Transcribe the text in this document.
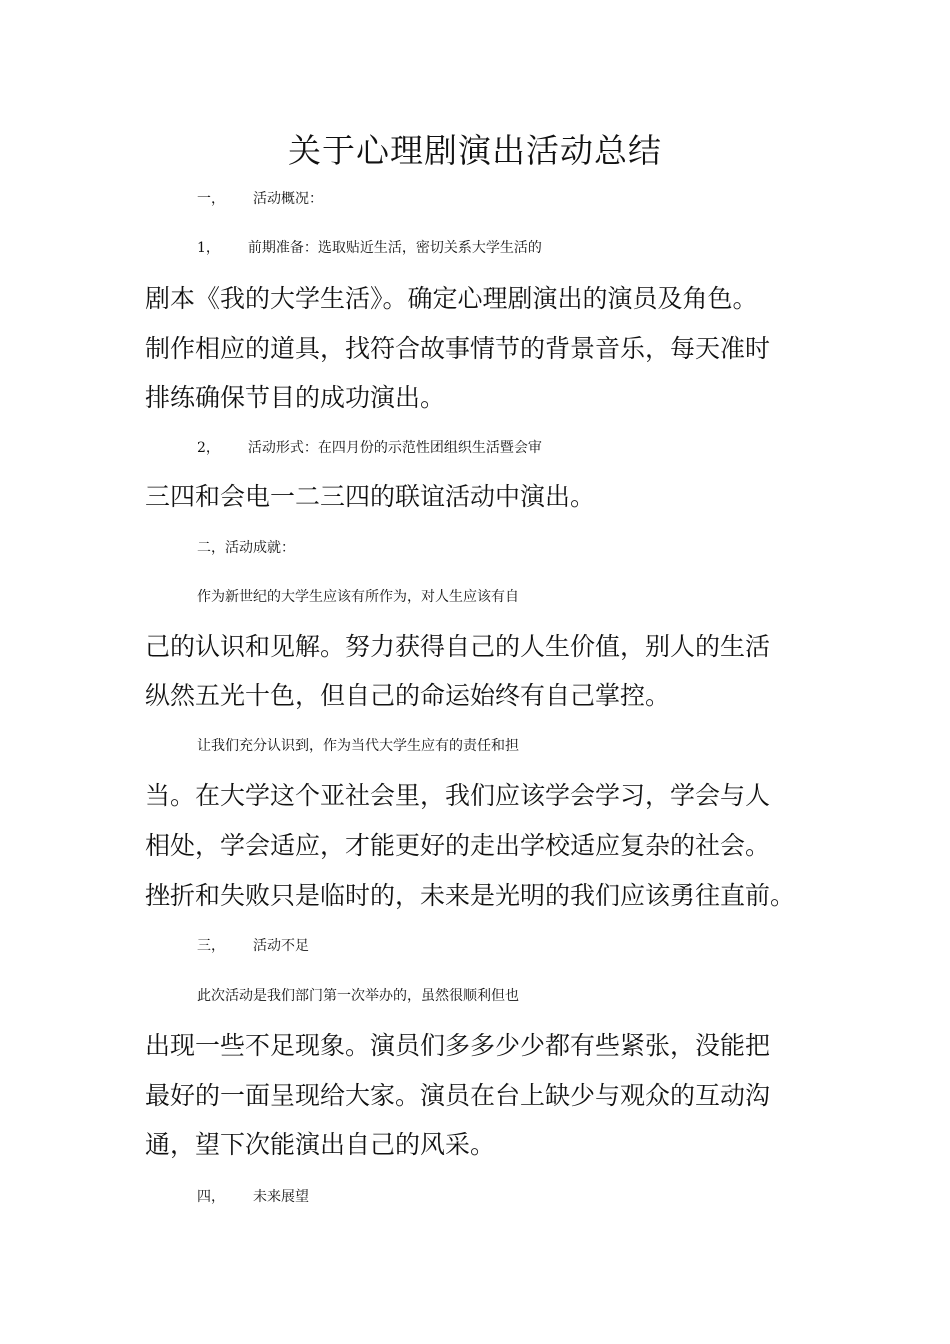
关于心理剧演出活动总结

一， 活动概况：

1， 前期准备：选取贴近生活，密切关系大学生活的

剧本《我的大学生活》。确定心理剧演出的演员及角色。

制作相应的道具，找符合故事情节的背景音乐，每天准时

排练确保节目的成功演出。

2， 活动形式：在四月份的示范性团组织生活暨会审

三四和会电一二三四的联谊活动中演出。

二，活动成就：

作为新世纪的大学生应该有所作为，对人生应该有自

己的认识和见解。努力获得自己的人生价值，别人的生活

纵然五光十色，但自己的命运始终有自己掌控。

让我们充分认识到，作为当代大学生应有的责任和担

当。在大学这个亚社会里，我们应该学会学习，学会与人

相处，学会适应，才能更好的走出学校适应复杂的社会。

挫折和失败只是临时的，未来是光明的我们应该勇往直前。

三， 活动不足

此次活动是我们部门第一次举办的，虽然很顺利但也

出现一些不足现象。演员们多多少少都有些紧张，没能把

最好的一面呈现给大家。演员在台上缺少与观众的互动沟

通，望下次能演出自己的风采。

四， 未来展望
